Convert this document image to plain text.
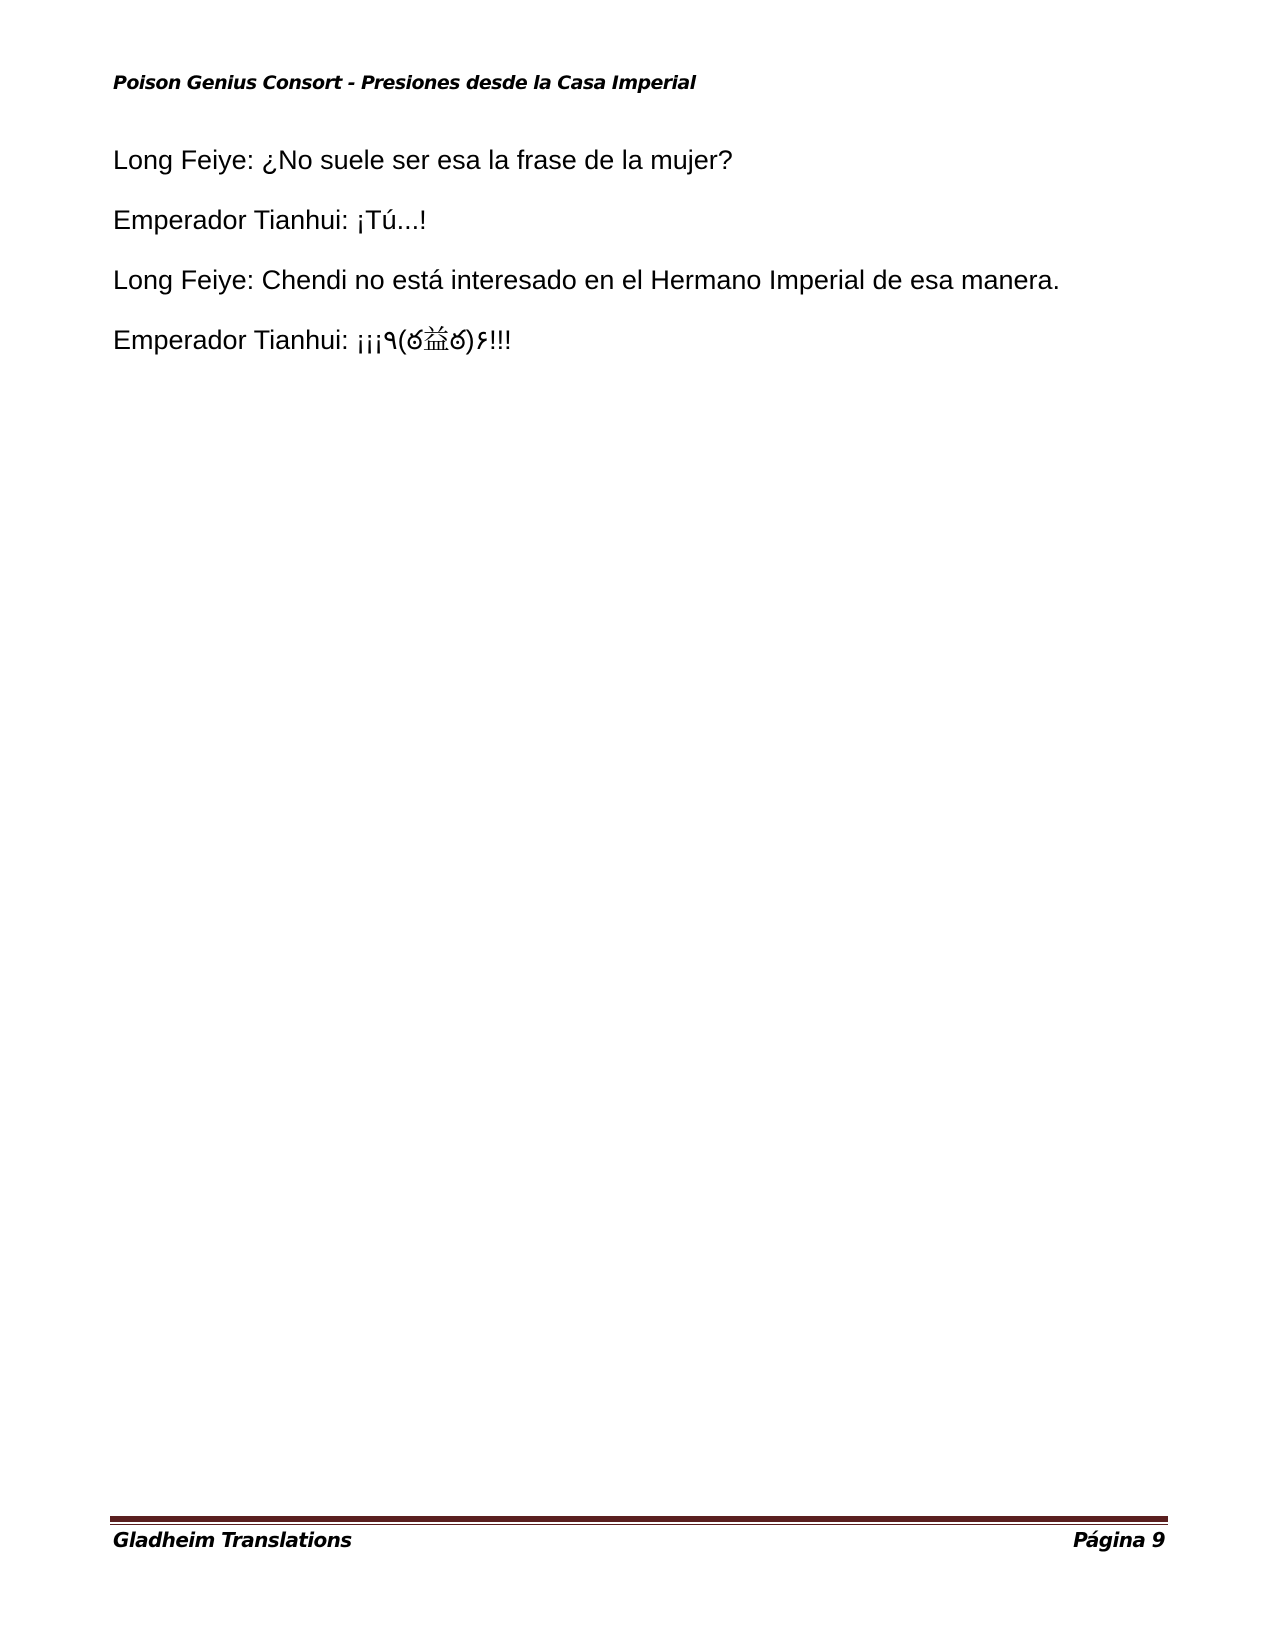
Poison Genius Consort - Presiones desde la Casa Imperial

Long Feiye: ¿No suele ser esa la frase de la mujer?

Emperador Tianhui: ¡Tú...!

Long Feiye: Chendi no está interesado en el Hermano Imperial de esa manera.

Emperador Tianhui: ¡¡¡٩(ఠ益ఠ)۶!!!

Gladheim Translations	Página 9
